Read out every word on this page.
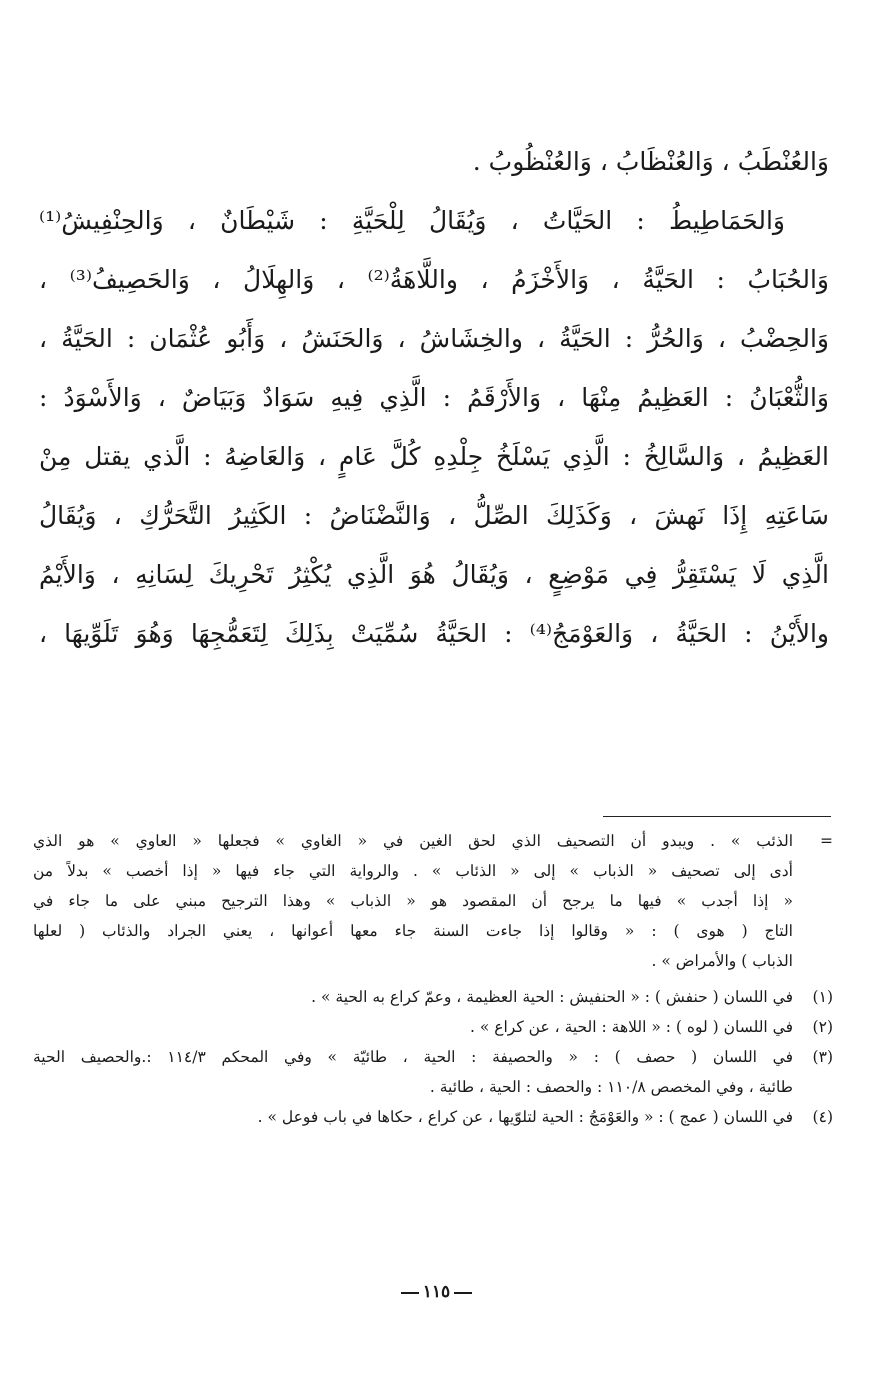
وَالعُنْطَبُ ، وَالعُنْظَابُ ، وَالعُنْظُوبُ .
وَالحَمَاطِيطُ : الحَيَّاتُ ، وَيُقَالُ لِلْحَيَّةِ : شَيْطَانٌ ، وَالحِنْفِيشُ⁽¹⁾
وَالحُبَابُ : الحَيَّةُ ، وَالأَخْزَمُ ، واللَّاهَةُ⁽²⁾ ، وَالهِلَالُ ، وَالحَصِيفُ⁽³⁾ ،
وَالحِضْبُ ، وَالحُرُّ : الحَيَّةُ ، والخِشَاشُ ، وَالحَنَشُ ، وَأَبُو عُثْمَان : الحَيَّةُ ،
وَالثُّعْبَانُ : العَظِيمُ مِنْهَا ، وَالأَرْقَمُ : الَّذِي فِيهِ سَوَادٌ وَبَيَاضٌ ، وَالأَسْوَدُ :
العَظِيمُ ، وَالسَّالِخُ : الَّذِي يَسْلَخُ جِلْدِهِ كُلَّ عَامٍ ، وَالعَاضِهُ : الَّذي يقتل مِنْ
سَاعَتِهِ إِذَا نَهشَ ، وَكَذَلِكَ الصِّلُّ ، وَالنَّضْنَاضُ : الكَثِيرُ التَّحَرُّكِ ، وَيُقَالُ
الَّذِي لَا يَسْتَقِرُّ فِي مَوْضِعٍ ، وَيُقَالُ هُوَ الَّذِي يُكْثِرُ تَحْرِيكَ لِسَانِهِ ، وَالأَيْمُ
والأَيْنُ : الحَيَّةُ ، وَالعَوْمَجُ⁽⁴⁾ : الحَيَّةُ سُمِّيَتْ بِذَلِكَ لِتَعَمُّجِهَا وَهُوَ تَلَوِّيهَا ،
=
الذئب » . ويبدو أن التصحيف الذي لحق الغين في « الغاوي » فجعلها « العاوي » هو الذي
أدى إلى تصحيف « الذباب » إلى « الذئاب » . والرواية التي جاء فيها « إذا أخصب » بدلاً من
« إذا أجدب » فيها ما يرجح أن المقصود هو « الذباب » وهذا الترجيح مبني على ما جاء في
التاج ( هوى ) : « وقالوا إذا جاءت السنة جاء معها أعوانها ، يعني الجراد والذئاب ( لعلها
الذباب ) والأمراض » .
(١)
في اللسان ( حنفش ) : « الحنفيش : الحية العظيمة ، وعمّ كراع به الحية » .
(٢)
في اللسان ( لوه ) : « اللاهة : الحية ، عن كراع » .
(٣)
في اللسان ( حصف ) : « والحصيفة : الحية ، طائيّة » وفي المحكم ١١٤/٣ :.والحصيف الحية
طائية ، وفي المخصص ١١٠/٨ : والحصف : الحية ، طائية .
(٤)
في اللسان ( عمج ) : « والعَوْمَجُ : الحية لتلوّيها ، عن كراع ، حكاها في باب فوعل » .
١١٥
